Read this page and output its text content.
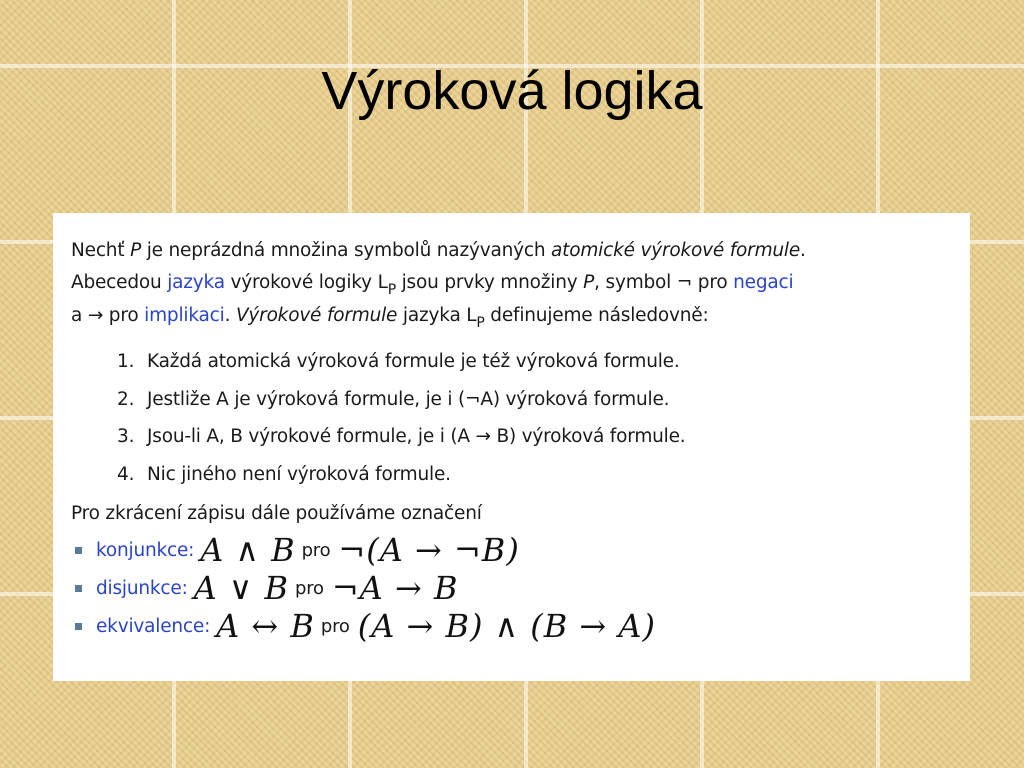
Výroková logika

Nechť P je neprázdná množina symbolů nazývaných atomické výrokové formule.
Abecedou jazyka výrokové logiky $L_P$ jsou prvky množiny P, symbol ¬ pro negaci
a → pro implikaci. Výrokové formule jazyka $L_P$ definujeme následovně:

1. Každá atomická výroková formule je též výroková formule.
2. Jestliže A je výroková formule, je i (¬A) výroková formule.
3. Jsou-li A, B výrokové formule, je i (A → B) výroková formule.
4. Nic jiného není výroková formule.

Pro zkrácení zápisu dále používáme označení

konjunkce: A ∧ B pro ¬(A → ¬B)
disjunkce: A ∨ B pro ¬A → B
ekvivalence: A ↔ B pro (A → B) ∧ (B → A)
